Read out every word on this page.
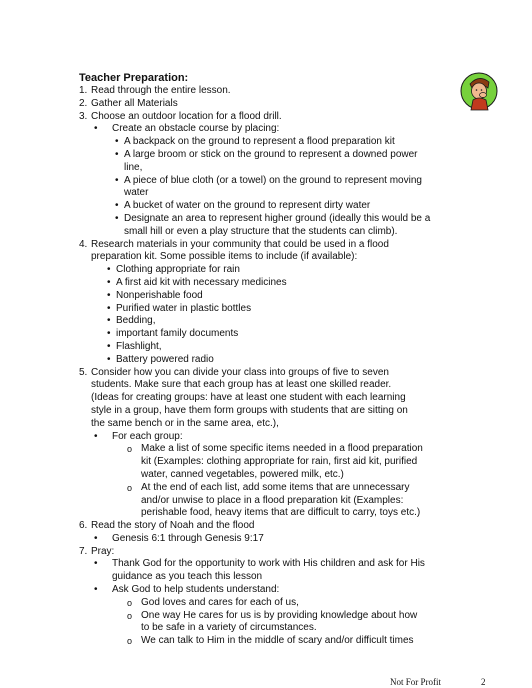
Teacher Preparation:
1. Read through the entire lesson.
2. Gather all Materials
3. Choose an outdoor location for a flood drill.
• Create an obstacle course by placing:
• A backpack on the ground to represent a flood preparation kit
• A large broom or stick on the ground to represent a downed power
line,
• A piece of blue cloth (or a towel) on the ground to represent moving
water
• A bucket of water on the ground to represent dirty water
• Designate an area to represent higher ground (ideally this would be a
small hill or even a play structure that the students can climb).
4. Research materials in your community that could be used in a flood
preparation kit. Some possible items to include (if available):
• Clothing appropriate for rain
• A first aid kit with necessary medicines
• Nonperishable food
• Purified water in plastic bottles
• Bedding,
• important family documents
• Flashlight,
• Battery powered radio
5. Consider how you can divide your class into groups of five to seven
students. Make sure that each group has at least one skilled reader.
(Ideas for creating groups: have at least one student with each learning
style in a group, have them form groups with students that are sitting on
the same bench or in the same area, etc.),
• For each group:
o Make a list of some specific items needed in a flood preparation
kit (Examples: clothing appropriate for rain, first aid kit, purified
water, canned vegetables, powered milk, etc.)
o At the end of each list, add some items that are unnecessary
and/or unwise to place in a flood preparation kit (Examples:
perishable food, heavy items that are difficult to carry, toys etc.)
6. Read the story of Noah and the flood
• Genesis 6:1 through Genesis 9:17
7. Pray:
• Thank God for the opportunity to work with His children and ask for His
guidance as you teach this lesson
• Ask God to help students understand:
o God loves and cares for each of us,
o One way He cares for us is by providing knowledge about how
to be safe in a variety of circumstances.
o We can talk to Him in the middle of scary and/or difficult times
Not For Profit	2
